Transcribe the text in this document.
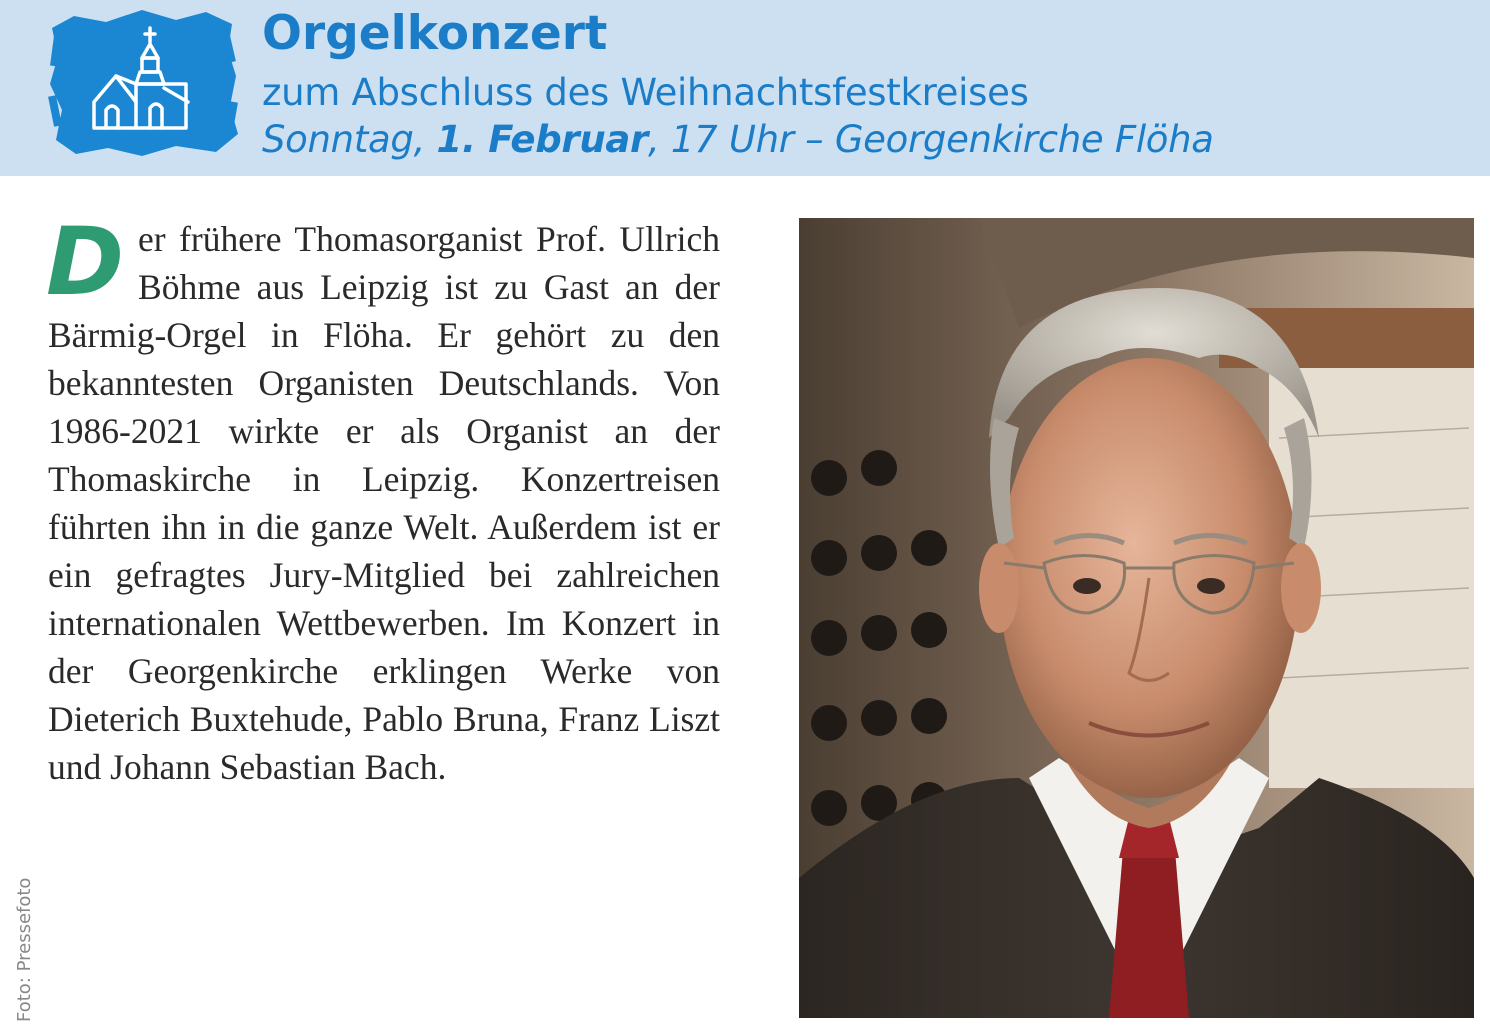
Orgelkonzert
zum Abschluss des Weihnachtsfestkreises
Sonntag, 1. Februar, 17 Uhr – Georgenkirche Flöha

Der frühere Thomasorganist Prof. Ullrich Böhme aus Leipzig ist zu Gast an der Bärmig-Orgel in Flöha. Er gehört zu den bekanntesten Organisten Deutschlands. Von 1986-2021 wirkte er als Organist an der Thomaskirche in Leipzig. Konzertreisen führten ihn in die ganze Welt. Außerdem ist er ein gefragtes Jury-Mitglied bei zahlreichen internationalen Wettbewerben. Im Konzert in der Georgenkirche erklingen Werke von Dieterich Buxtehude, Pablo Bruna, Franz Liszt und Johann Sebastian Bach.

Foto: Pressefoto
